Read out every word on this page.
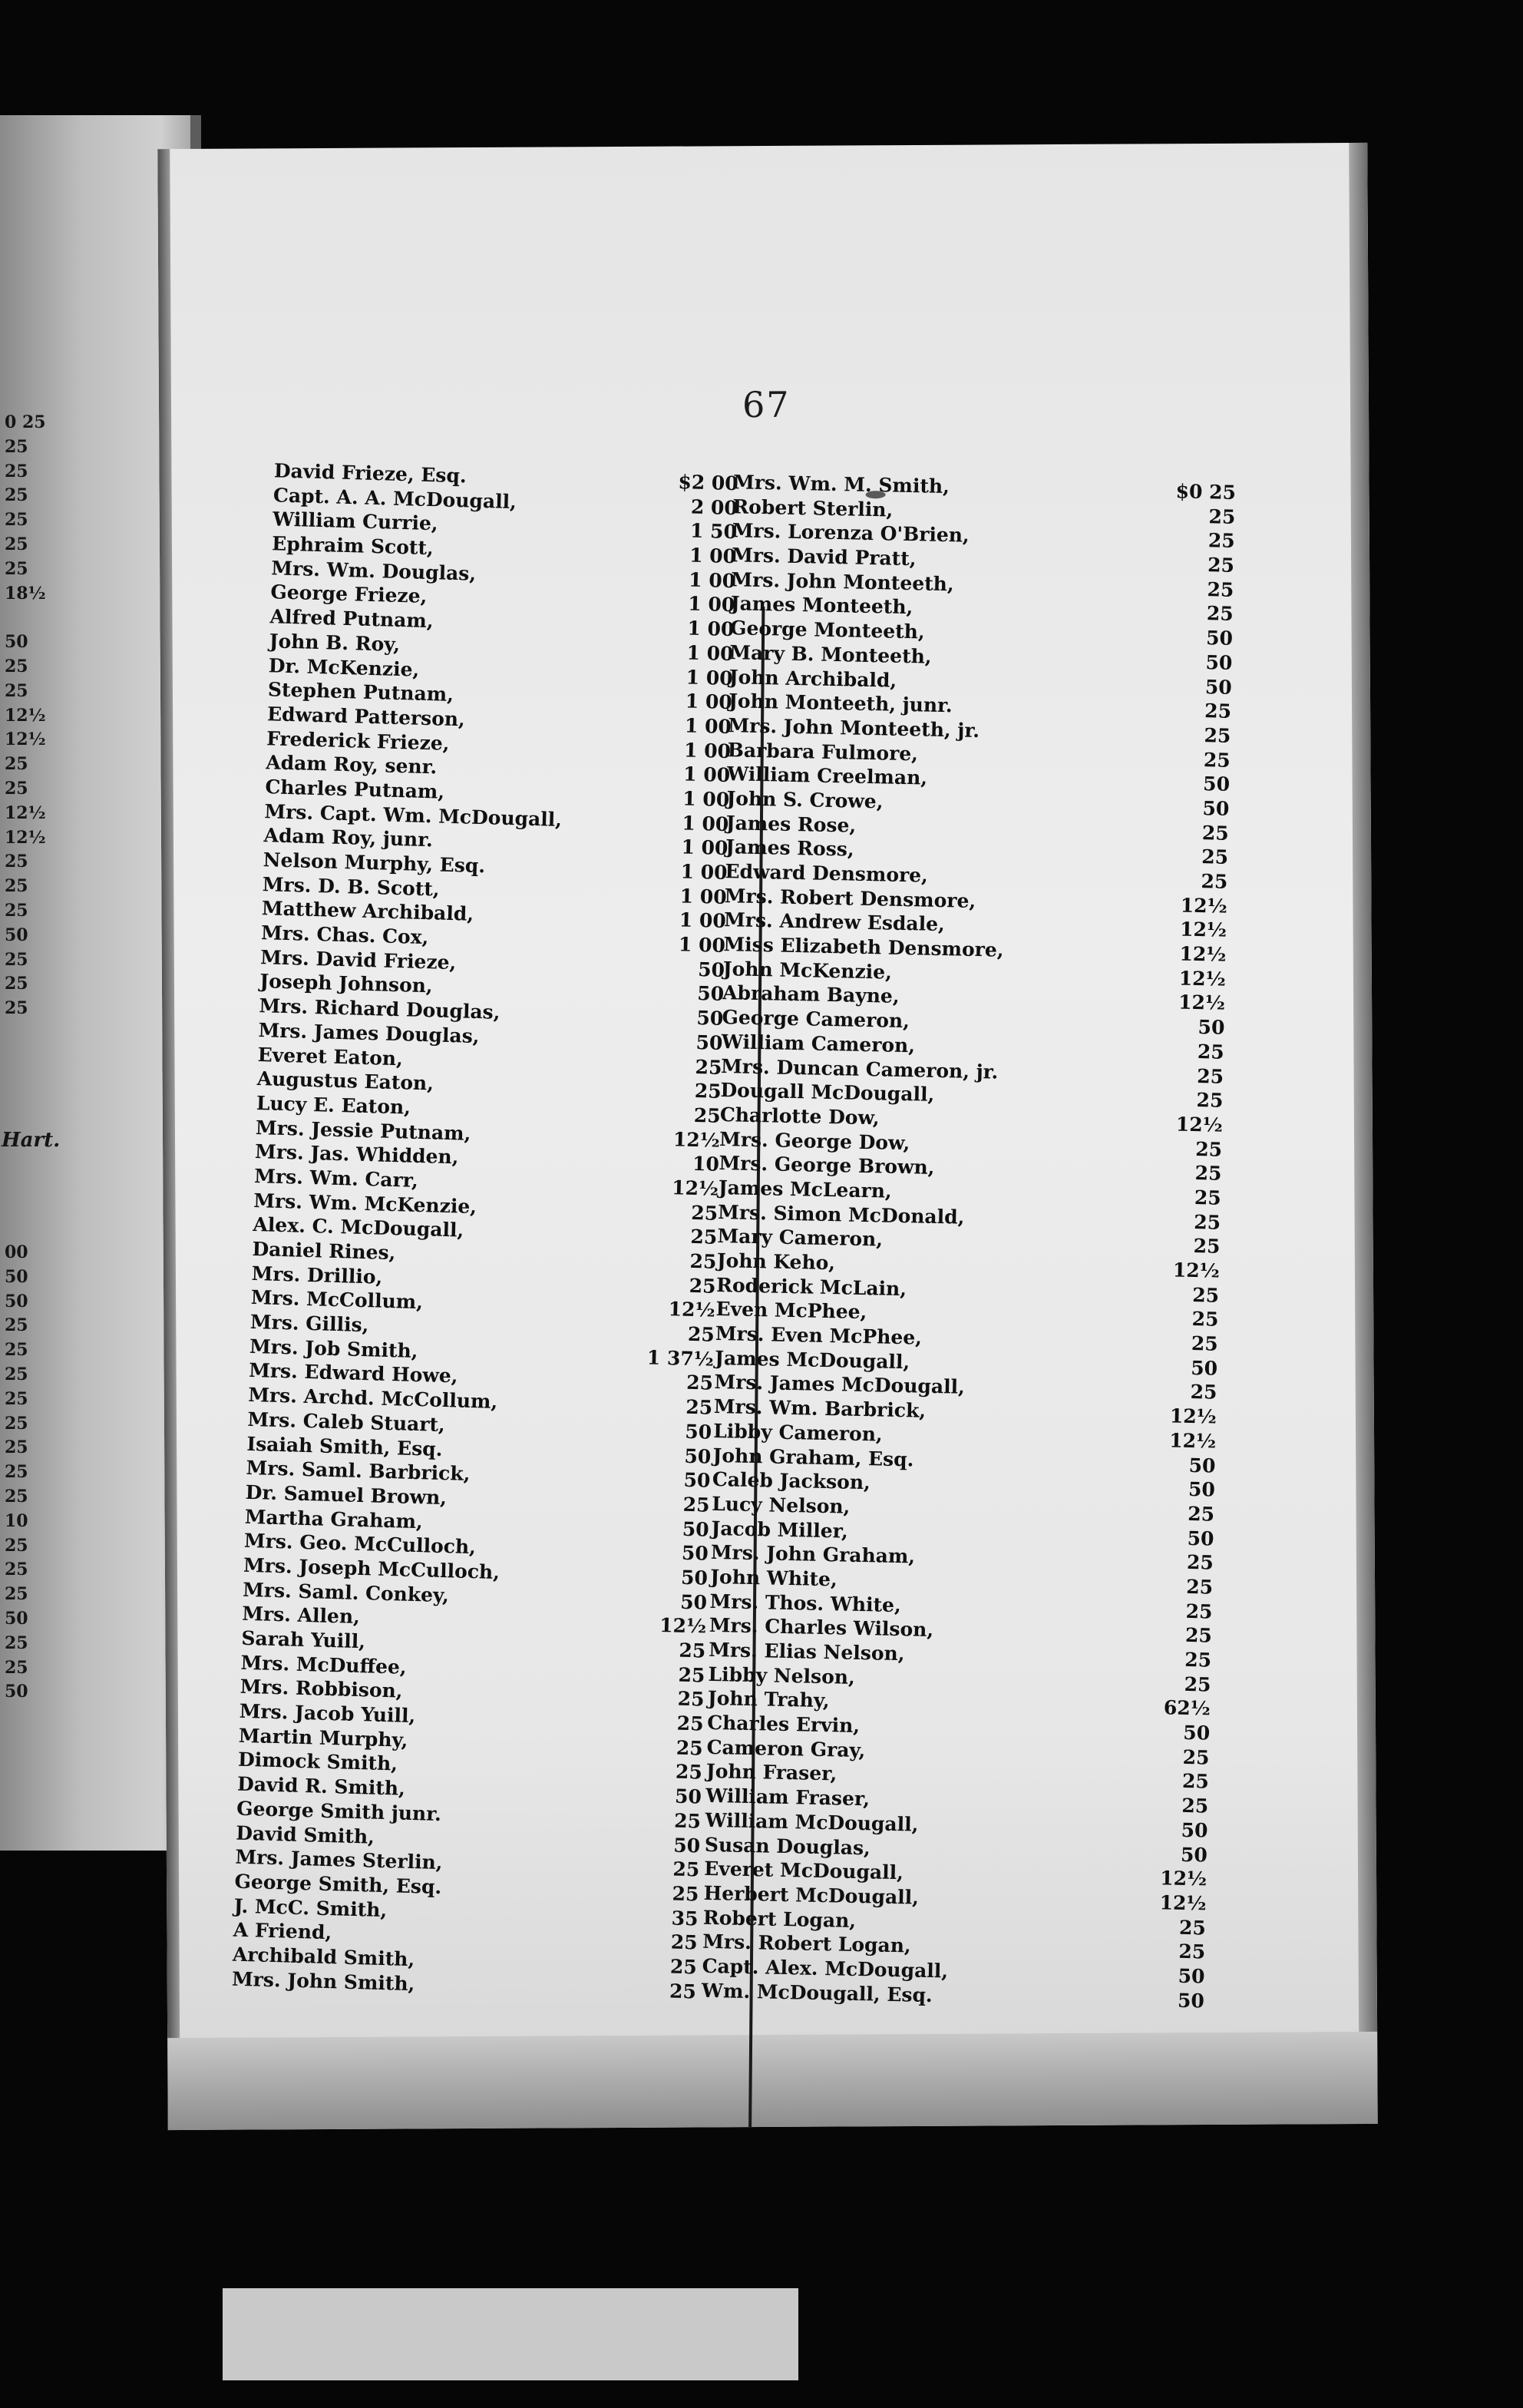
0 25
25
25
25
25
25
25
18½
50
25
25
12½
12½
25
25
12½
12½
25
25
25
50
25
25
25
00
50
50
25
25
25
25
25
25
25
25
10
25
25
25
50
25
25
50
Hart.
67
David Frieze, Esq.	$2 00
Capt. A. A. McDougall,	2 00
William Currie,	1 50
Ephraim Scott,	1 00
Mrs. Wm. Douglas,	1 00
George Frieze,	1 00
Alfred Putnam,	1 00
John B. Roy,	1 00
Dr. McKenzie,	1 00
Stephen Putnam,	1 00
Edward Patterson,	1 00
Frederick Frieze,	1 00
Adam Roy, senr.	1 00
Charles Putnam,	1 00
Mrs. Capt. Wm. McDougall,	1 00
Adam Roy, junr.	1 00
Nelson Murphy, Esq.	1 00
Mrs. D. B. Scott,	1 00
Matthew Archibald,	1 00
Mrs. Chas. Cox,	1 00
Mrs. David Frieze,	50
Joseph Johnson,	50
Mrs. Richard Douglas,	50
Mrs. James Douglas,	50
Everet Eaton,	25
Augustus Eaton,	25
Lucy E. Eaton,	25
Mrs. Jessie Putnam,	12½
Mrs. Jas. Whidden,	10
Mrs. Wm. Carr,	12½
Mrs. Wm. McKenzie,	25
Alex. C. McDougall,	25
Daniel Rines,	25
Mrs. Drillio,	25
Mrs. McCollum,	12½
Mrs. Gillis,	25
Mrs. Job Smith,	1 37½
Mrs. Edward Howe,	25
Mrs. Archd. McCollum,	25
Mrs. Caleb Stuart,	50
Isaiah Smith, Esq.	50
Mrs. Saml. Barbrick,	50
Dr. Samuel Brown,	25
Martha Graham,	50
Mrs. Geo. McCulloch,	50
Mrs. Joseph McCulloch,	50
Mrs. Saml. Conkey,	50
Mrs. Allen,	12½
Sarah Yuill,	25
Mrs. McDuffee,	25
Mrs. Robbison,	25
Mrs. Jacob Yuill,	25
Martin Murphy,	25
Dimock Smith,	25
David R. Smith,	50
George Smith junr.	25
David Smith,	50
Mrs. James Sterlin,	25
George Smith, Esq.	25
J. McC. Smith,	35
A Friend,	25
Archibald Smith,	25
Mrs. John Smith,	25
Mrs. Wm. M. Smith,	$0 25
Robert Sterlin,	25
Mrs. Lorenza O'Brien,	25
Mrs. David Pratt,	25
Mrs. John Monteeth,	25
James Monteeth,	25
George Monteeth,	50
Mary B. Monteeth,	50
John Archibald,	50
John Monteeth, junr.	25
Mrs. John Monteeth, jr.	25
Barbara Fulmore,	25
William Creelman,	50
John S. Crowe,	50
James Rose,	25
James Ross,	25
Edward Densmore,	25
Mrs. Robert Densmore,	12½
Mrs. Andrew Esdale,	12½
Miss Elizabeth Densmore,	12½
John McKenzie,	12½
Abraham Bayne,	12½
George Cameron,	50
William Cameron,	25
Mrs. Duncan Cameron, jr.	25
Dougall McDougall,	25
Charlotte Dow,	12½
Mrs. George Dow,	25
Mrs. George Brown,	25
James McLearn,	25
Mrs. Simon McDonald,	25
Mary Cameron,	25
John Keho,	12½
Roderick McLain,	25
Even McPhee,	25
Mrs. Even McPhee,	25
James McDougall,	50
Mrs. James McDougall,	25
Mrs. Wm. Barbrick,	12½
Libby Cameron,	12½
John Graham, Esq.	50
Caleb Jackson,	50
Lucy Nelson,	25
Jacob Miller,	50
Mrs. John Graham,	25
John White,	25
Mrs. Thos. White,	25
Mrs. Charles Wilson,	25
Mrs. Elias Nelson,	25
Libby Nelson,	25
John Trahy,	62½
Charles Ervin,	50
Cameron Gray,	25
John Fraser,	25
William Fraser,	25
William McDougall,	50
Susan Douglas,	50
Everet McDougall,	12½
Herbert McDougall,	12½
Robert Logan,	25
Mrs. Robert Logan,	25
Capt. Alex. McDougall,	50
Wm. McDougall, Esq.	50
